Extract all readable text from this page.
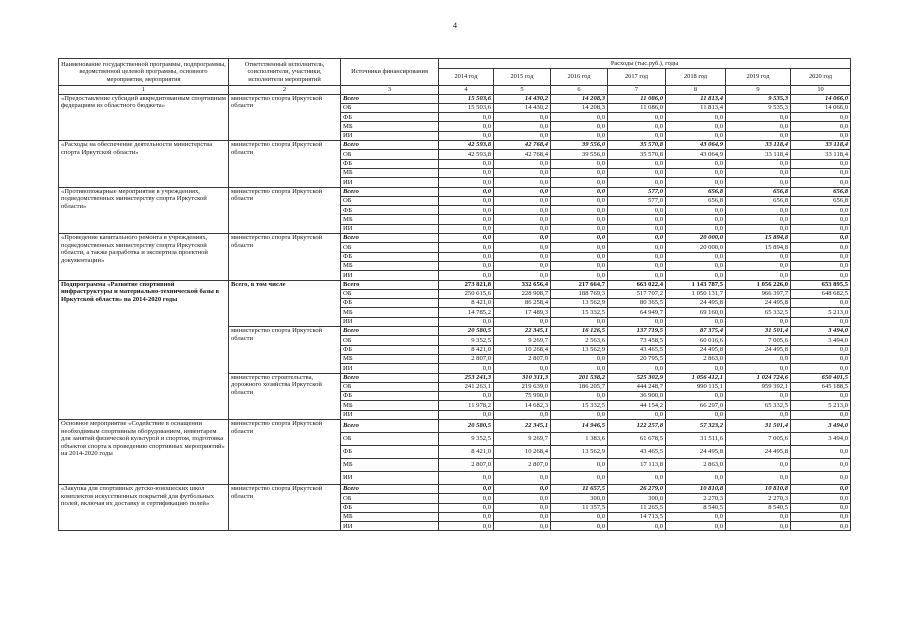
4
Наименование государственной программы, подпрограммы, ведомственной целевой программы, основного мероприятия, мероприятия	Ответственный исполнитель, соисполнители, участники, исполнители мероприятий	Источники финансирования	Расходы (тыс.руб.), годы						
			2014 год	2015 год	2016 год	2017 год	2018 год	2019 год	2020 год
1	2	3	4	5	6	7	8	9	10
«Предоставление субсидий аккредитованным спортивным федерациям из областного бюджета»	министерство спорта Иркутской области	Всего	15 503,6	14 430,2	14 208,3	11 086,0	11 813,4	9 535,3	14 066,0
		ОБ	15 503,6	14 430,2	14 208,3	11 086,0	11 813,4	9 535,3	14 066,0
		ФБ	0,0	0,0	0,0	0,0	0,0	0,0	0,0
		МБ	0,0	0,0	0,0	0,0	0,0	0,0	0,0
		ИИ	0,0	0,0	0,0	0,0	0,0	0,0	0,0
«Расходы на обеспечение деятельности министерства спорта Иркутской области»	министерство спорта Иркутской области	Всего	42 593,8	42 768,4	39 556,0	35 570,8	43 064,9	33 118,4	33 118,4
		ОБ	42 593,8	42 768,4	39 556,0	35 570,8	43 064,9	33 118,4	33 118,4
		ФБ	0,0	0,0	0,0	0,0	0,0	0,0	0,0
		МБ	0,0	0,0	0,0	0,0	0,0	0,0	0,0
		ИИ	0,0	0,0	0,0	0,0	0,0	0,0	0,0
«Противопожарные мероприятия в учреждениях, подведомственных министерству спорта Иркутской области»	министерство спорта Иркутской области	Всего	0,0	0,0	0,0	577,0	656,8	656,8	656,8
		ОБ	0,0	0,0	0,0	577,0	656,8	656,8	656,8
		ФБ	0,0	0,0	0,0	0,0	0,0	0,0	0,0
		МБ	0,0	0,0	0,0	0,0	0,0	0,0	0,0
		ИИ	0,0	0,0	0,0	0,0	0,0	0,0	0,0
«Проведение капитального ремонта в учреждениях, подведомственных министерству спорта Иркутской области, а также разработка и экспертиза проектной документации»	министерство спорта Иркутской области	Всего	0,0	0,0	0,0	0,0	20 000,0	15 894,8	0,0
		ОБ	0,0	0,0	0,0	0,0	20 000,0	15 894,8	0,0
		ФБ	0,0	0,0	0,0	0,0	0,0	0,0	0,0
		МБ	0,0	0,0	0,0	0,0	0,0	0,0	0,0
		ИИ	0,0	0,0	0,0	0,0	0,0	0,0	0,0
Подпрограмма «Развитие спортивной инфраструктуры и материально-технической базы в Иркутской области» на 2014-2020 годы	Всего, в том числе	Всего	273 821,8	332 656,4	217 664,7	663 022,4	1 143 787,5	1 056 226,0	653 895,5
		ОБ	250 615,6	228 908,7	188 769,3	517 707,2	1 050 131,7	966 397,7	648 682,5
		ФБ	8 421,0	86 258,4	13 562,9	80 365,5	24 495,8	24 495,8	0,0
		МБ	14 785,2	17 489,3	15 332,5	64 949,7	69 160,0	65 332,5	5 213,0
		ИИ	0,0	0,0	0,0	0,0	0,0	0,0	0,0
	министерство спорта Иркутской области	Всего	20 580,5	22 345,1	16 126,5	137 719,5	87 375,4	31 501,4	3 494,0
		ОБ	9 352,5	9 269,7	2 563,6	73 458,5	60 016,6	7 005,6	3 494,0
		ФБ	8 421,0	10 268,4	13 562,9	43 465,5	24 495,8	24 495,8	0,0
		МБ	2 807,0	2 807,0	0,0	20 795,5	2 863,0	0,0	0,0
		ИИ	0,0	0,0	0,0	0,0	0,0	0,0	0,0
	министерство строительства, дорожного хозяйства Иркутской области	Всего	253 241,3	310 311,3	201 538,2	525 302,9	1 056 412,1	1 024 724,6	650 401,5
		ОБ	241 263,1	219 639,0	186 205,7	444 248,7	990 115,1	959 392,1	645 188,5
		ФБ	0,0	75 990,0	0,0	36 900,0	0,0	0,0	0,0
		МБ	11 978,2	14 682,3	15 332,5	44 154,2	66 297,0	65 332,5	5 213,0
		ИИ	0,0	0,0	0,0	0,0	0,0	0,0	0,0
Основное мероприятие «Содействие в оснащении необходимым спортивным оборудованием, инвентарем для занятий физической культурой и спортом, подготовка объектов спорта к проведению спортивных мероприятий» на 2014-2020 годы	министерство спорта Иркутской области	Всего	20 580,5	22 345,1	14 946,5	122 257,8	57 323,2	31 501,4	3 494,0
		ОБ	9 352,5	9 269,7	1 383,6	61 678,5	31 511,6	7 005,6	3 494,0
		ФБ	8 421,0	10 268,4	13 562,9	43 465,5	24 495,8	24 495,8	0,0
		МБ	2 807,0	2 807,0	0,0	17 113,8	2 863,0	0,0	0,0
		ИИ	0,0	0,0	0,0	0,0	0,0	0,0	0,0
«Закупка для спортивных детско-юношеских школ комплектов искусственных покрытий для футбольных полей, включая их доставку и сертификацию полей»	министерство спорта Иркутской области	Всего	0,0	0,0	11 657,5	26 279,0	10 810,8	10 810,8	0,0
		ОБ	0,0	0,0	300,0	300,0	2 270,3	2 270,3	0,0
		ФБ	0,0	0,0	11 357,5	11 265,5	8 540,5	8 540,5	0,0
		МБ	0,0	0,0	0,0	14 713,5	0,0	0,0	0,0
		ИИ	0,0	0,0	0,0	0,0	0,0	0,0	0,0
